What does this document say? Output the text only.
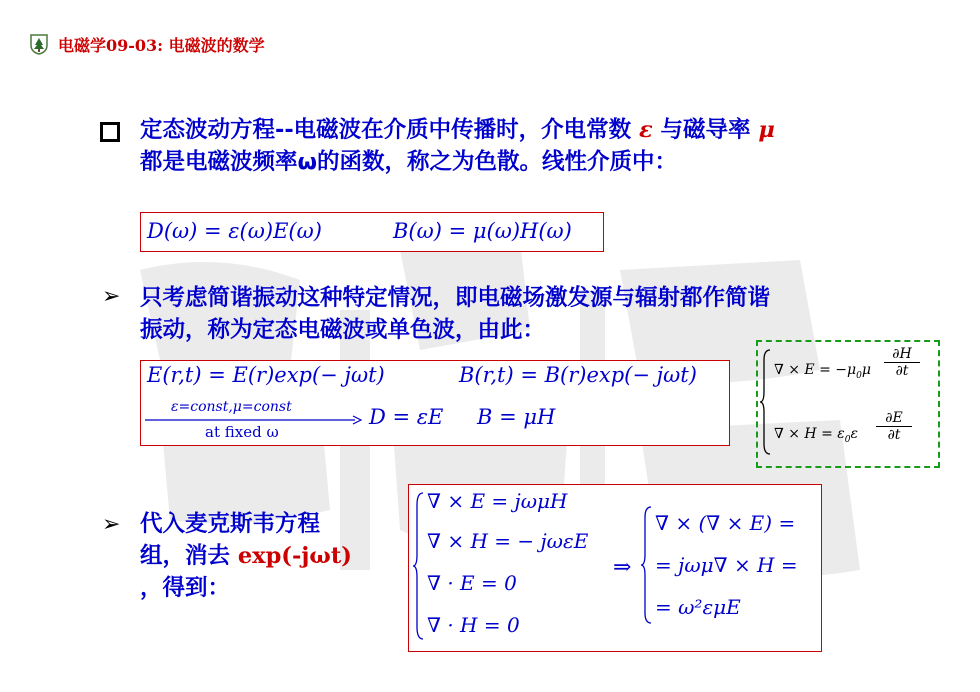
电磁学09-03: 电磁波的数学
定态波动方程--电磁波在介质中传播时，介电常数 ε 与磁导率 μ
都是电磁波频率ω的函数，称之为色散。线性介质中：
D(ω) = ε(ω)E(ω)	B(ω) = μ(ω)H(ω)
➢ 只考虑简谐振动这种特定情况，即电磁场激发源与辐射都作简谐
振动，称为定态电磁波或单色波，由此：
E(r,t) = E(r)exp(− jωt)	B(r,t) = B(r)exp(− jωt)
ε=const,μ=const
at fixed ω
D = εE B = μH
∇ × $E = -\mu_0\mu \frac{\partial H}{\partial t}$
∇ × $H = \varepsilon_0\varepsilon \frac{\partial E}{\partial t}$
➢ 代入麦克斯韦方程
组，消去 exp(-jωt)
，得到：
∇ × E = jωμH
∇ × H = − jωεE
∇ · E = 0
∇ · H = 0
⇒
∇ × (∇ × E) =
= jωμ∇ × H =
= ω²εμE
